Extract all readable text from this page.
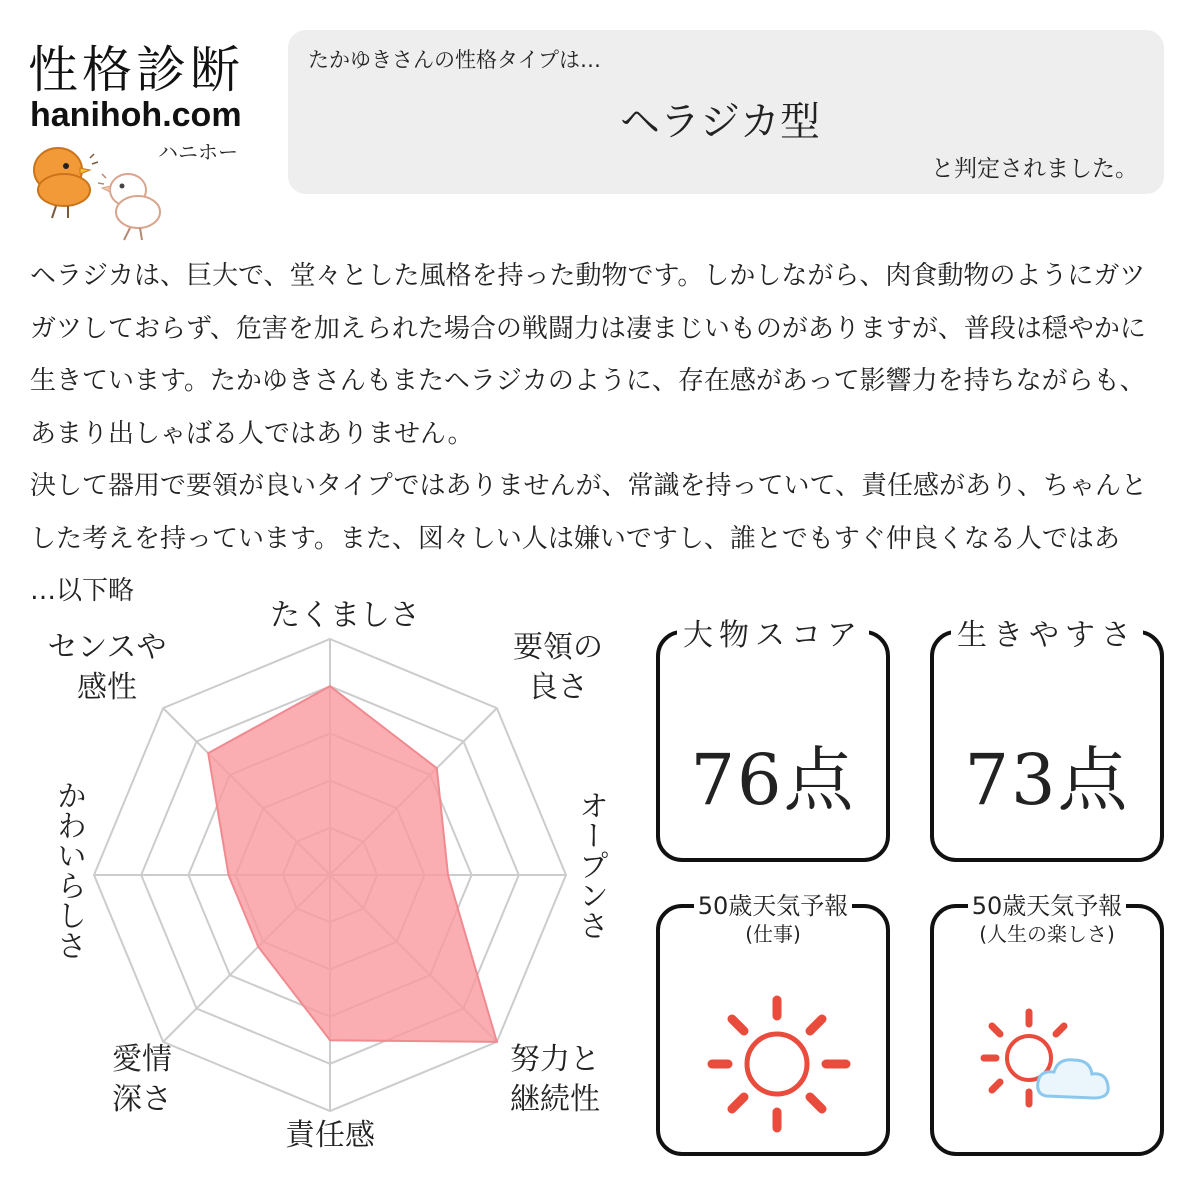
性格診断
hanihoh.com
ハニホー
たかゆきさんの性格タイプは…
ヘラジカ型
と判定されました。

ヘラジカは、巨大で、堂々とした風格を持った動物です。しかしながら、肉食動物のようにガツガツしておらず、危害を加えられた場合の戦闘力は凄まじいものがありますが、普段は穏やかに生きています。たかゆきさんもまたヘラジカのように、存在感があって影響力を持ちながらも、あまり出しゃばる人ではありません。

決して器用で要領が良いタイプではありませんが、常識を持っていて、責任感があり、ちゃんとした考えを持っています。また、図々しい人は嫌いですし、誰とでもすぐ仲良くなる人ではあ

…以下略

たくましさ
要領の
良さ
オープンさ
努力と
継続性
責任感
愛情
深さ
かわいらしさ
センスや
感性
大物スコア
76点
生きやすさ
73点
50歳天気予報
(仕事)
50歳天気予報
(人生の楽しさ)
